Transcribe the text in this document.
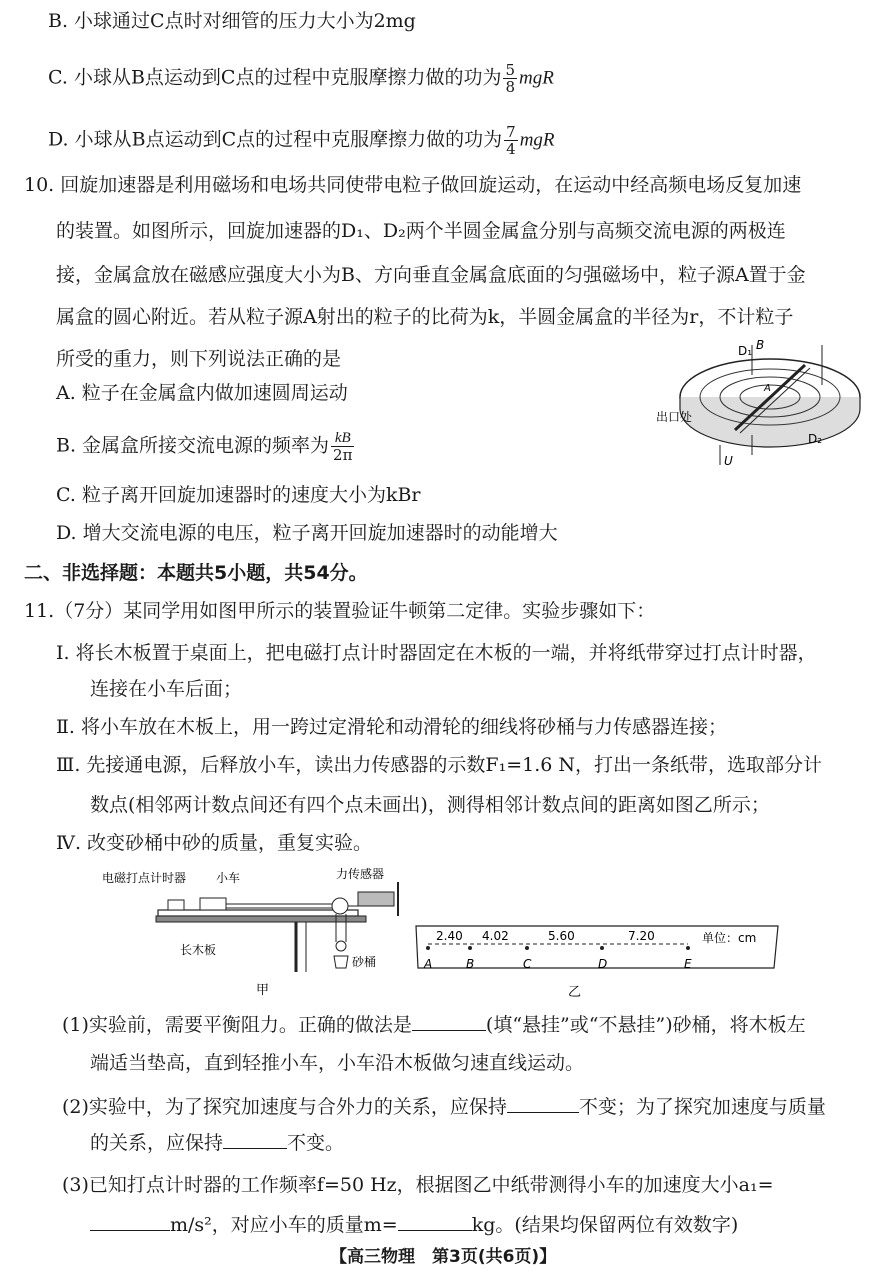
B. 小球通过C点时对细管的压力大小为2mg
C. 小球从B点运动到C点的过程中克服摩擦力做的功为 $\frac{5}{8}$ mgR
D. 小球从B点运动到C点的过程中克服摩擦力做的功为 $\frac{7}{4}$ mgR
10. 回旋加速器是利用磁场和电场共同使带电粒子做回旋运动，在运动中经高频电场反复加速
的装置。如图所示，回旋加速器的D₁、D₂两个半圆金属盒分别与高频交流电源的两极连
接，金属盒放在磁感应强度大小为B、方向垂直金属盒底面的匀强磁场中，粒子源A置于金
属盒的圆心附近。若从粒子源A射出的粒子的比荷为k，半圆金属盒的半径为r，不计粒子
所受的重力，则下列说法正确的是
A. 粒子在金属盒内做加速圆周运动
B. 金属盒所接交流电源的频率为 $\frac{kB}{2\pi}$
C. 粒子离开回旋加速器时的速度大小为kBr
D. 增大交流电源的电压，粒子离开回旋加速器时的动能增大
D₁ B
A
出口处
D₂
U
二、非选择题：本题共5小题，共54分。
11.（7分）某同学用如图甲所示的装置验证牛顿第二定律。实验步骤如下：
Ⅰ. 将长木板置于桌面上，把电磁打点计时器固定在木板的一端，并将纸带穿过打点计时器，
连接在小车后面；
Ⅱ. 将小车放在木板上，用一跨过定滑轮和动滑轮的细线将砂桶与力传感器连接；
Ⅲ. 先接通电源，后释放小车，读出力传感器的示数F₁=1.6 N，打出一条纸带，选取部分计
数点(相邻两计数点间还有四个点未画出)，测得相邻计数点间的距离如图乙所示；
Ⅳ. 改变砂桶中砂的质量，重复实验。
电磁打点计时器 小车	力传感器
长木板
砂桶
甲
2.40 4.02	5.60	7.20	单位：cm
A	B	C	D	E
乙
(1)实验前，需要平衡阻力。正确的做法是	(填“悬挂”或“不悬挂”)砂桶，将木板左
端适当垫高，直到轻推小车，小车沿木板做匀速直线运动。
(2)实验中，为了探究加速度与合外力的关系，应保持	不变；为了探究加速度与质量
的关系，应保持	不变。
(3)已知打点计时器的工作频率f=50 Hz，根据图乙中纸带测得小车的加速度大小a₁=
m/s²，对应小车的质量m=	kg。(结果均保留两位有效数字)
【高三物理　第3页(共6页)】
